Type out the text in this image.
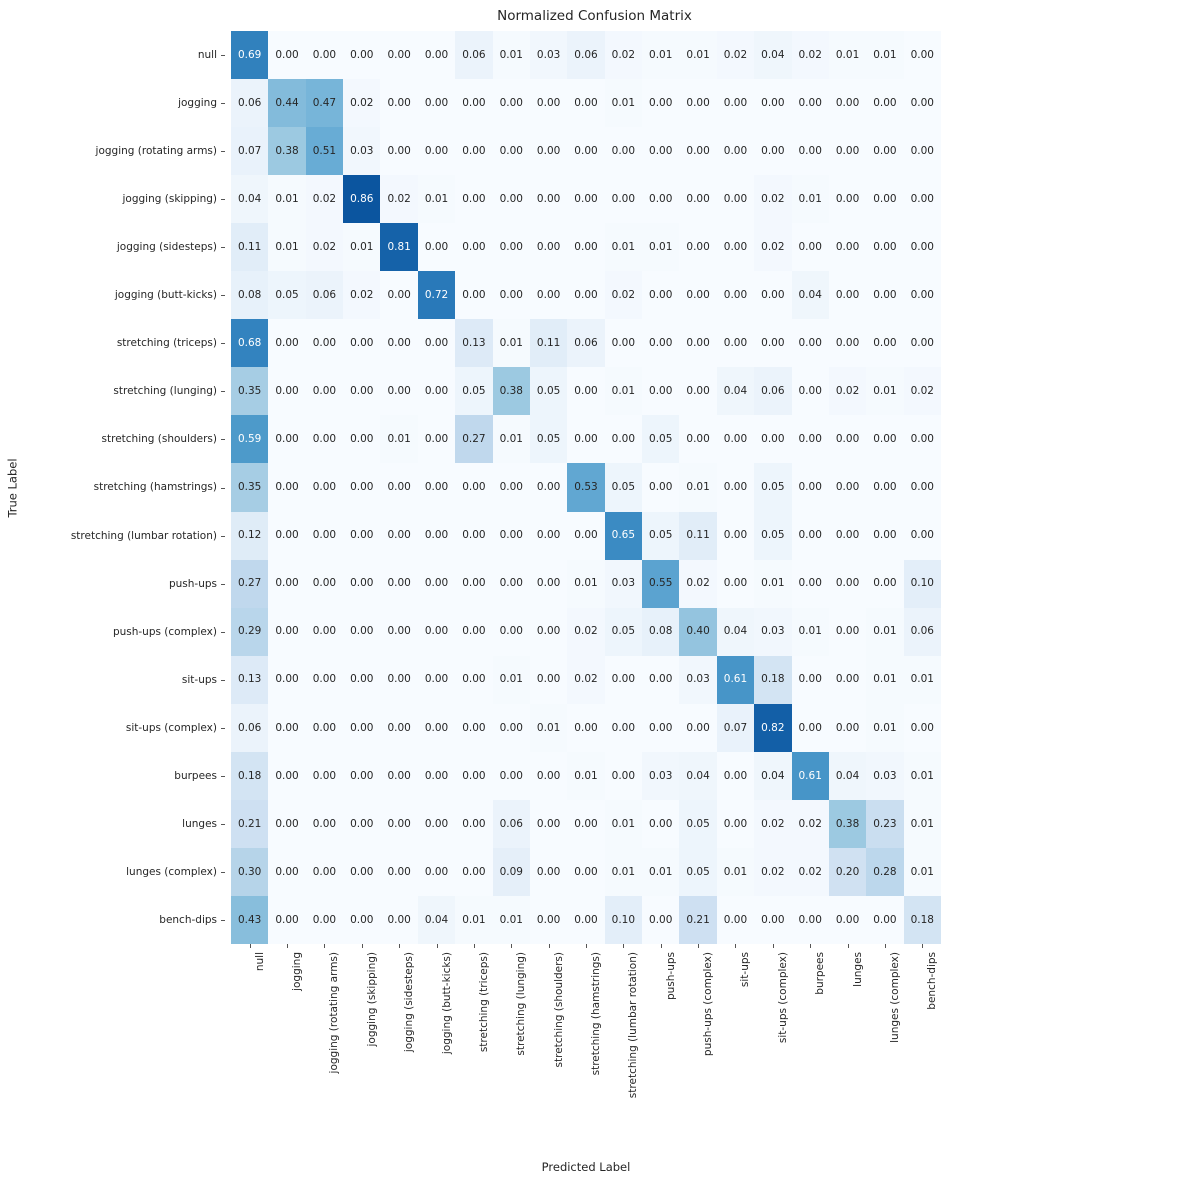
Normalized Confusion Matrix
True Label
null
jogging
jogging (rotating arms)
jogging (skipping)
jogging (sidesteps)
jogging (butt-kicks)
stretching (triceps)
stretching (lunging)
stretching (shoulders)
stretching (hamstrings)
stretching (lumbar rotation)
push-ups
push-ups (complex)
sit-ups
sit-ups (complex)
burpees
lunges
lunges (complex)
bench-dips
0.69 0.00 0.00 0.00 0.00 0.00 0.06 0.01 0.03 0.06 0.02 0.01 0.01 0.02 0.04 0.02 0.01 0.01 0.00
0.06 0.44 0.47 0.02 0.00 0.00 0.00 0.00 0.00 0.00 0.01 0.00 0.00 0.00 0.00 0.00 0.00 0.00 0.00
0.07 0.38 0.51 0.03 0.00 0.00 0.00 0.00 0.00 0.00 0.00 0.00 0.00 0.00 0.00 0.00 0.00 0.00 0.00
0.04 0.01 0.02 0.86 0.02 0.01 0.00 0.00 0.00 0.00 0.00 0.00 0.00 0.00 0.02 0.01 0.00 0.00 0.00
0.11 0.01 0.02 0.01 0.81 0.00 0.00 0.00 0.00 0.00 0.01 0.01 0.00 0.00 0.02 0.00 0.00 0.00 0.00
0.08 0.05 0.06 0.02 0.00 0.72 0.00 0.00 0.00 0.00 0.02 0.00 0.00 0.00 0.00 0.04 0.00 0.00 0.00
0.68 0.00 0.00 0.00 0.00 0.00 0.13 0.01 0.11 0.06 0.00 0.00 0.00 0.00 0.00 0.00 0.00 0.00 0.00
0.35 0.00 0.00 0.00 0.00 0.00 0.05 0.38 0.05 0.00 0.01 0.00 0.00 0.04 0.06 0.00 0.02 0.01 0.02
0.59 0.00 0.00 0.00 0.01 0.00 0.27 0.01 0.05 0.00 0.00 0.05 0.00 0.00 0.00 0.00 0.00 0.00 0.00
0.35 0.00 0.00 0.00 0.00 0.00 0.00 0.00 0.00 0.53 0.05 0.00 0.01 0.00 0.05 0.00 0.00 0.00 0.00
0.12 0.00 0.00 0.00 0.00 0.00 0.00 0.00 0.00 0.00 0.65 0.05 0.11 0.00 0.05 0.00 0.00 0.00 0.00
0.27 0.00 0.00 0.00 0.00 0.00 0.00 0.00 0.00 0.01 0.03 0.55 0.02 0.00 0.01 0.00 0.00 0.00 0.10
0.29 0.00 0.00 0.00 0.00 0.00 0.00 0.00 0.00 0.02 0.05 0.08 0.40 0.04 0.03 0.01 0.00 0.01 0.06
0.13 0.00 0.00 0.00 0.00 0.00 0.00 0.01 0.00 0.02 0.00 0.00 0.03 0.61 0.18 0.00 0.00 0.01 0.01
0.06 0.00 0.00 0.00 0.00 0.00 0.00 0.00 0.01 0.00 0.00 0.00 0.00 0.07 0.82 0.00 0.00 0.01 0.00
0.18 0.00 0.00 0.00 0.00 0.00 0.00 0.00 0.00 0.01 0.00 0.03 0.04 0.00 0.04 0.61 0.04 0.03 0.01
0.21 0.00 0.00 0.00 0.00 0.00 0.00 0.06 0.00 0.00 0.01 0.00 0.05 0.00 0.02 0.02 0.38 0.23 0.01
0.30 0.00 0.00 0.00 0.00 0.00 0.00 0.09 0.00 0.00 0.01 0.01 0.05 0.01 0.02 0.02 0.20 0.28 0.01
0.43 0.00 0.00 0.00 0.00 0.04 0.01 0.01 0.00 0.00 0.10 0.00 0.21 0.00 0.00 0.00 0.00 0.00 0.18
null jogging jogging (rotating arms) jogging (skipping) jogging (sidesteps) jogging (butt-kicks) stretching (triceps) stretching (lunging) stretching (shoulders) stretching (hamstrings) stretching (lumbar rotation) push-ups push-ups (complex) sit-ups sit-ups (complex) burpees lunges lunges (complex) bench-dips
Predicted Label
